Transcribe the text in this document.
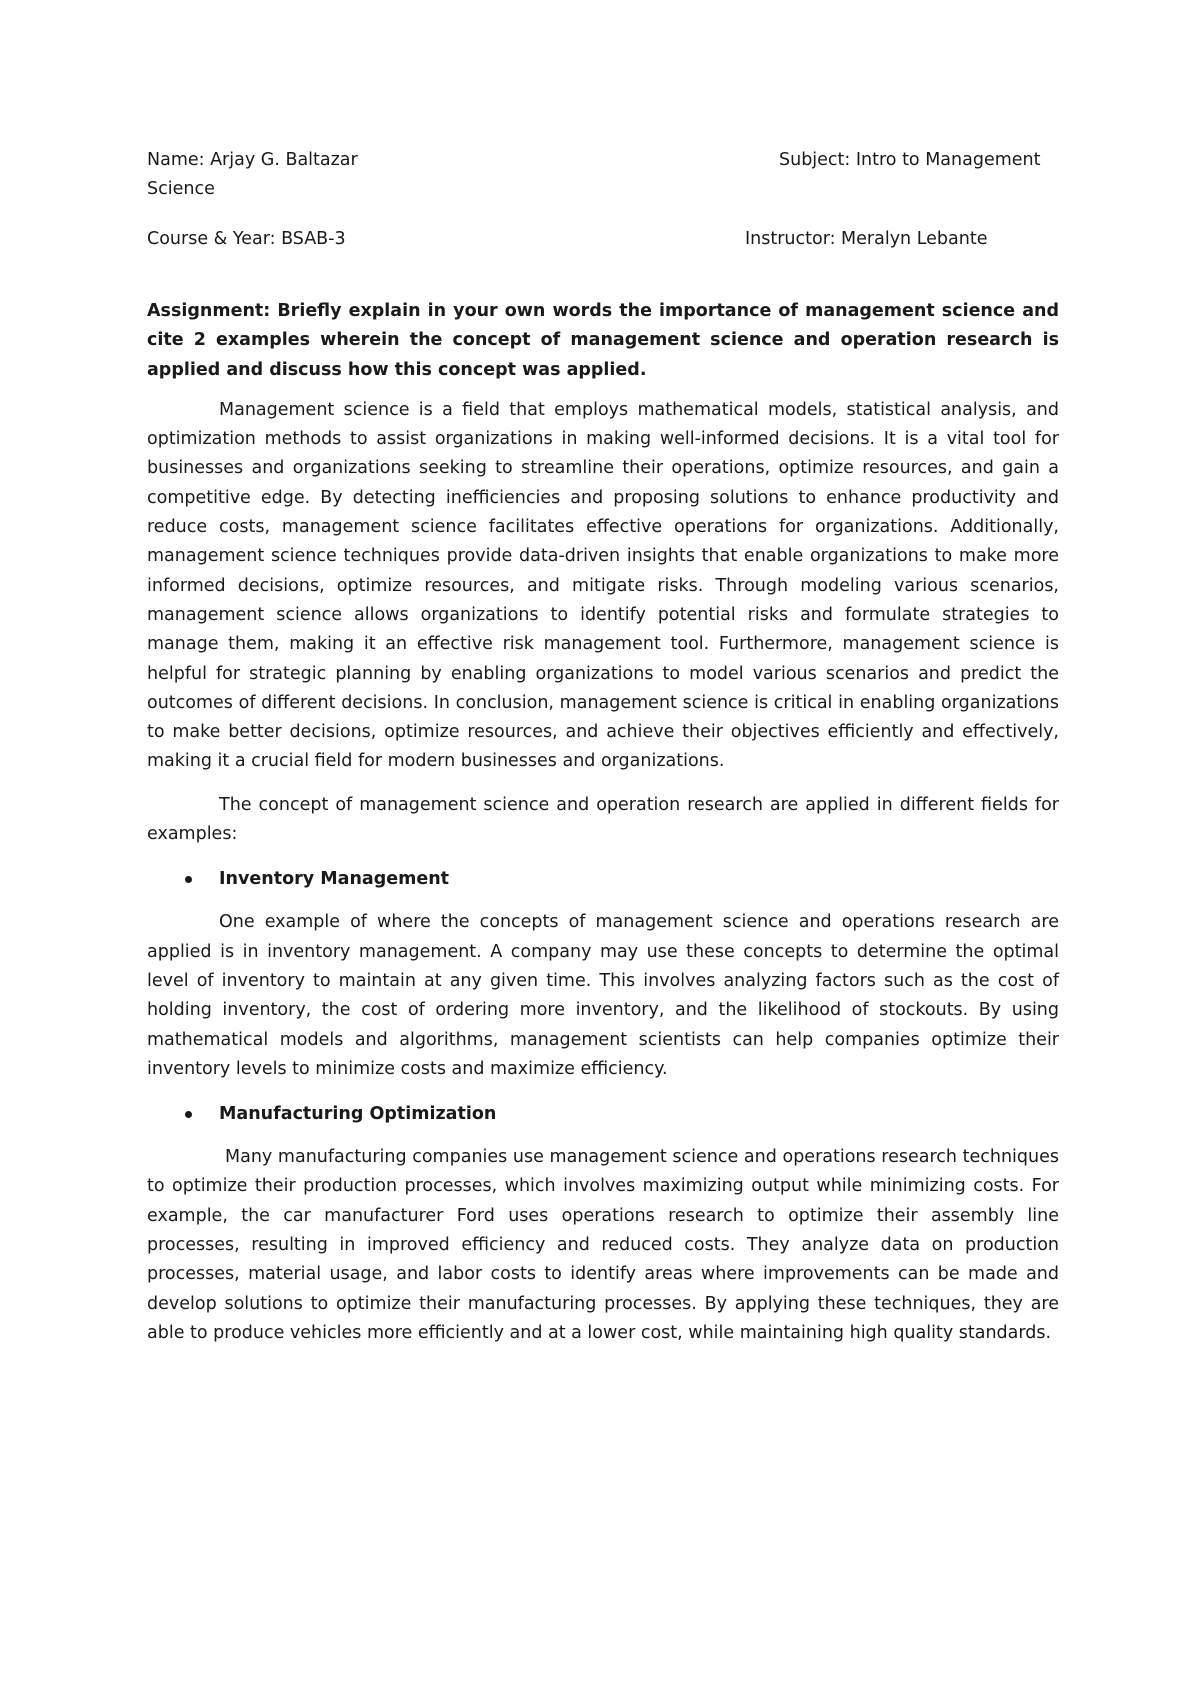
Name: Arjay G. Baltazar	Subject: Intro to Management
Science
Course & Year: BSAB-3	Instructor: Meralyn Lebante

Assignment: Briefly explain in your own words the importance of management science and cite 2 examples wherein the concept of management science and operation research is applied and discuss how this concept was applied.

Management science is a field that employs mathematical models, statistical analysis, and optimization methods to assist organizations in making well-informed decisions. It is a vital tool for businesses and organizations seeking to streamline their operations, optimize resources, and gain a competitive edge. By detecting inefficiencies and proposing solutions to enhance productivity and reduce costs, management science facilitates effective operations for organizations. Additionally, management science techniques provide data-driven insights that enable organizations to make more informed decisions, optimize resources, and mitigate risks. Through modeling various scenarios, management science allows organizations to identify potential risks and formulate strategies to manage them, making it an effective risk management tool. Furthermore, management science is helpful for strategic planning by enabling organizations to model various scenarios and predict the outcomes of different decisions. In conclusion, management science is critical in enabling organizations to make better decisions, optimize resources, and achieve their objectives efficiently and effectively, making it a crucial field for modern businesses and organizations.

The concept of management science and operation research are applied in different fields for examples:

Inventory Management

One example of where the concepts of management science and operations research are applied is in inventory management. A company may use these concepts to determine the optimal level of inventory to maintain at any given time. This involves analyzing factors such as the cost of holding inventory, the cost of ordering more inventory, and the likelihood of stockouts. By using mathematical models and algorithms, management scientists can help companies optimize their inventory levels to minimize costs and maximize efficiency.

Manufacturing Optimization

Many manufacturing companies use management science and operations research techniques to optimize their production processes, which involves maximizing output while minimizing costs. For example, the car manufacturer Ford uses operations research to optimize their assembly line processes, resulting in improved efficiency and reduced costs. They analyze data on production processes, material usage, and labor costs to identify areas where improvements can be made and develop solutions to optimize their manufacturing processes. By applying these techniques, they are able to produce vehicles more efficiently and at a lower cost, while maintaining high quality standards.
